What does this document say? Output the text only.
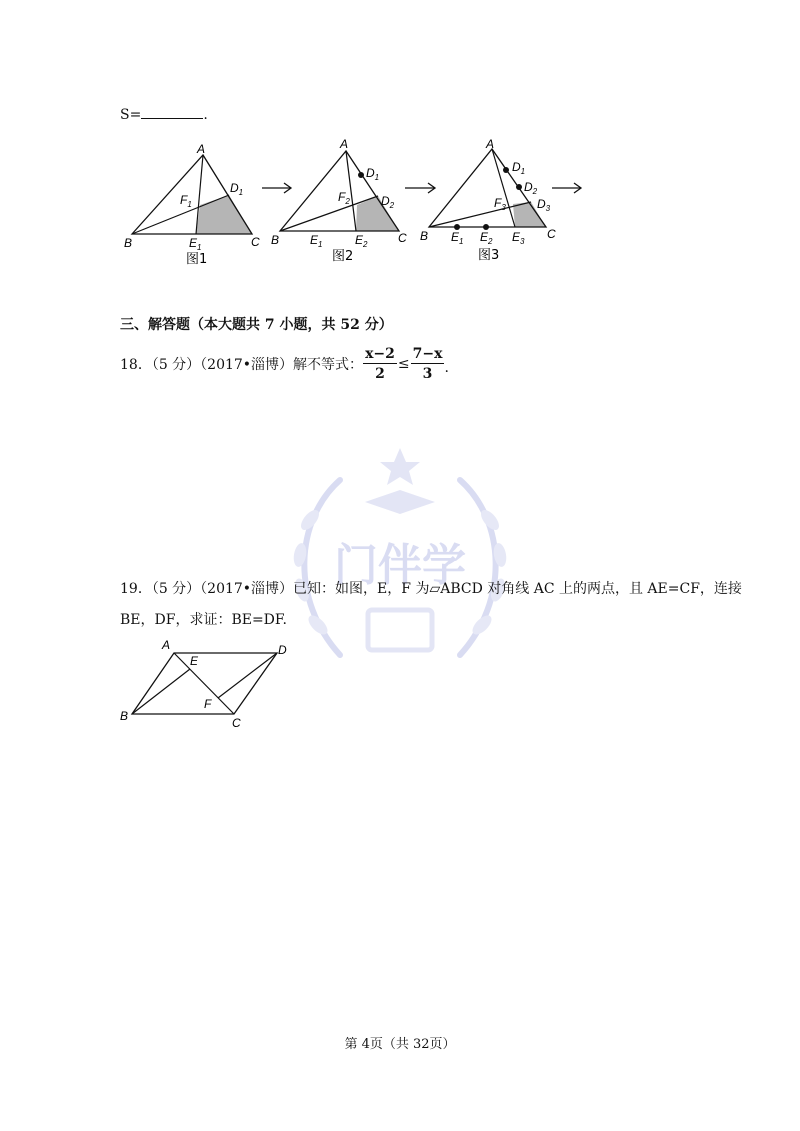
S=	.
A
B	C
$D_1$
$F_1$
$E_1$
图1
A
B	C
$D_1$
$D_2$
$F_2$
$E_1$	$E_2$
图2
A
B	C
$D_1$
$D_2$
$D_3$
$F_3$
$E_1$ $E_2$ $E_3$
图3
三、解答题（本大题共 7 小题，共 52 分）
18．（5 分）（2017•淄博）解不等式： $\frac{x-2}{2} \le \frac{7-x}{3}$ .
门伴学
19．（5 分）（2017•淄博）已知：如图，E，F 为▱ABCD 对角线 AC 上的两点，且 AE=CF，连接
BE，DF，求证：BE=DF.
A	D
B	C
E
F
第 4页（共 32页）
